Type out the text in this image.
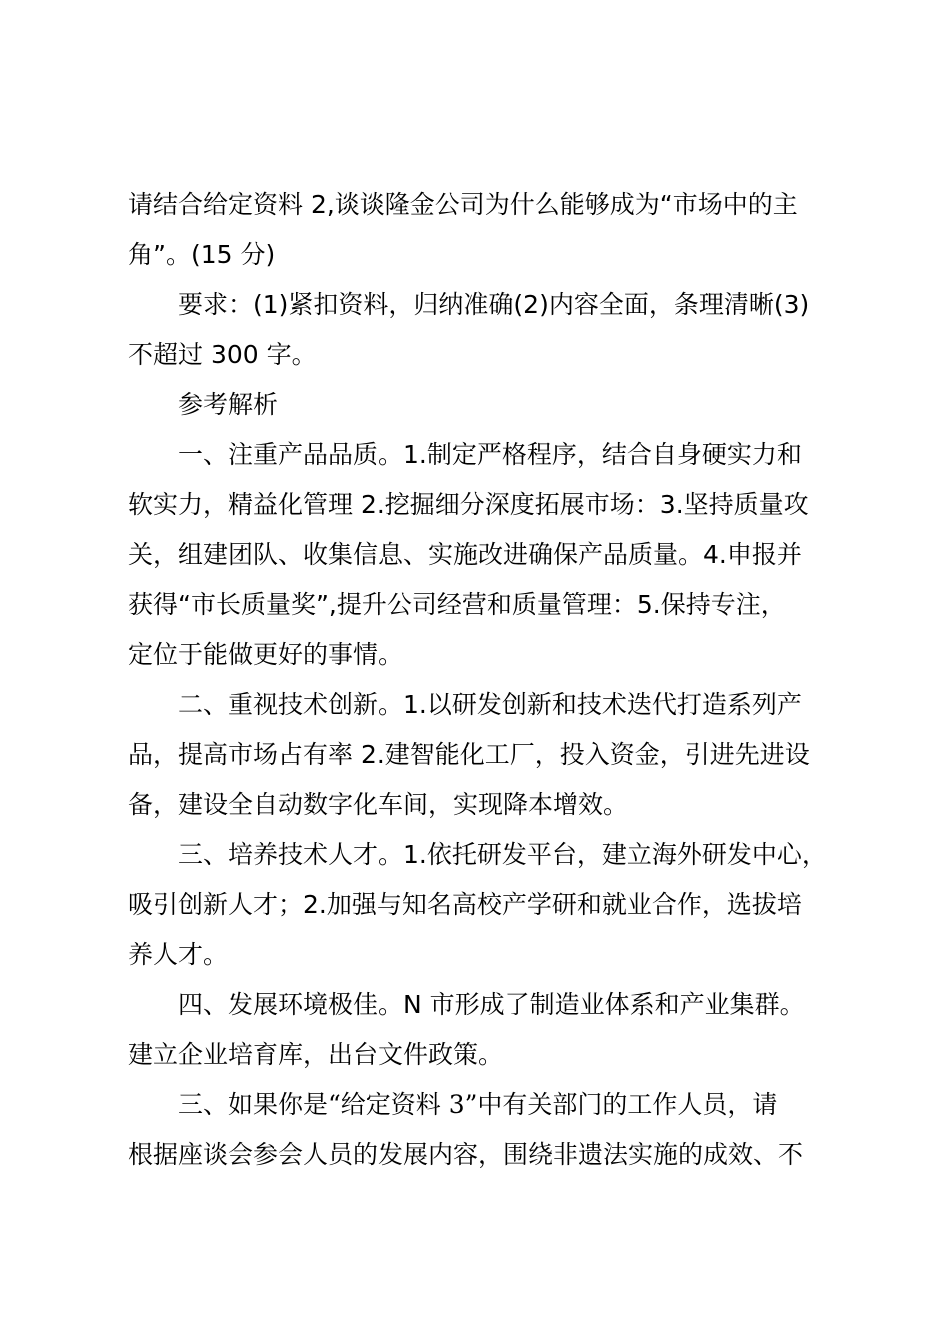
请结合给定资料 2,谈谈隆金公司为什么能够成为“市场中的主
角”。(15 分)
要求：(1)紧扣资料，归纳准确(2)内容全面，条理清晰(3)
不超过 300 字。
参考解析
一、注重产品品质。1.制定严格程序，结合自身硬实力和
软实力，精益化管理 2.挖掘细分深度拓展市场：3.坚持质量攻
关，组建团队、收集信息、实施改进确保产品质量。4.申报并
获得“市长质量奖”,提升公司经营和质量管理：5.保持专注，
定位于能做更好的事情。
二、重视技术创新。1.以研发创新和技术迭代打造系列产
品，提高市场占有率 2.建智能化工厂，投入资金，引进先进设
备，建设全自动数字化车间，实现降本增效。
三、培养技术人才。1.依托研发平台，建立海外研发中心，
吸引创新人才；2.加强与知名高校产学研和就业合作，选拔培
养人才。
四、发展环境极佳。N 市形成了制造业体系和产业集群。
建立企业培育库，出台文件政策。
三、如果你是“给定资料 3”中有关部门的工作人员，请
根据座谈会参会人员的发展内容，围绕非遗法实施的成效、不
